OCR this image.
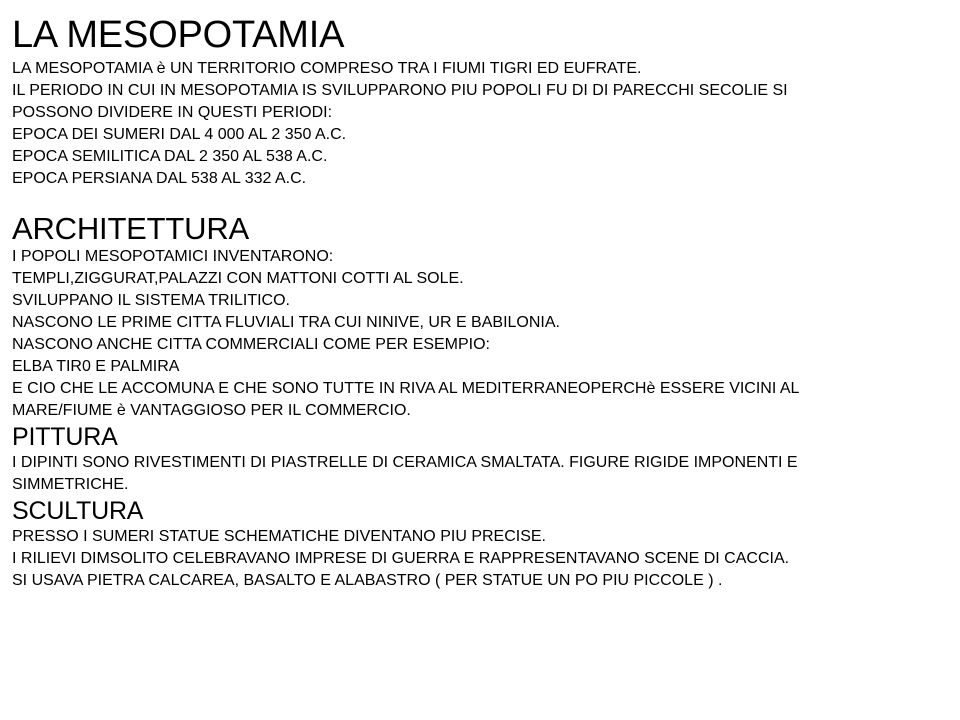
LA MESOPOTAMIA

LA MESOPOTAMIA è UN TERRITORIO COMPRESO TRA I FIUMI TIGRI ED EUFRATE.

IL PERIODO IN CUI IN MESOPOTAMIA IS SVILUPPARONO PIU POPOLI FU DI DI PARECCHI SECOLIE SI

POSSONO DIVIDERE IN QUESTI PERIODI:

EPOCA DEI SUMERI DAL 4 000 AL 2 350 A.C.

EPOCA SEMILITICA DAL 2 350 AL 538 A.C.

EPOCA PERSIANA DAL 538 AL 332 A.C.

ARCHITETTURA

I POPOLI MESOPOTAMICI INVENTARONO:

TEMPLI,ZIGGURAT,PALAZZI CON MATTONI COTTI AL SOLE.

SVILUPPANO IL SISTEMA TRILITICO.

NASCONO LE PRIME CITTA FLUVIALI TRA CUI NINIVE, UR E BABILONIA.

NASCONO ANCHE CITTA COMMERCIALI COME PER ESEMPIO:

ELBA TIR0 E PALMIRA

E CIO CHE LE ACCOMUNA E CHE SONO TUTTE IN RIVA AL MEDITERRANEOPERCHè ESSERE VICINI AL

MARE/FIUME è VANTAGGIOSO PER IL COMMERCIO.

PITTURA

I DIPINTI SONO RIVESTIMENTI DI PIASTRELLE DI CERAMICA SMALTATA. FIGURE RIGIDE IMPONENTI E

SIMMETRICHE.

SCULTURA

PRESSO I SUMERI STATUE SCHEMATICHE DIVENTANO PIU PRECISE.

I RILIEVI DIMSOLITO CELEBRAVANO IMPRESE DI GUERRA E RAPPRESENTAVANO SCENE DI CACCIA.

SI USAVA PIETRA CALCAREA, BASALTO E ALABASTRO ( PER STATUE UN PO PIU PICCOLE ) .
